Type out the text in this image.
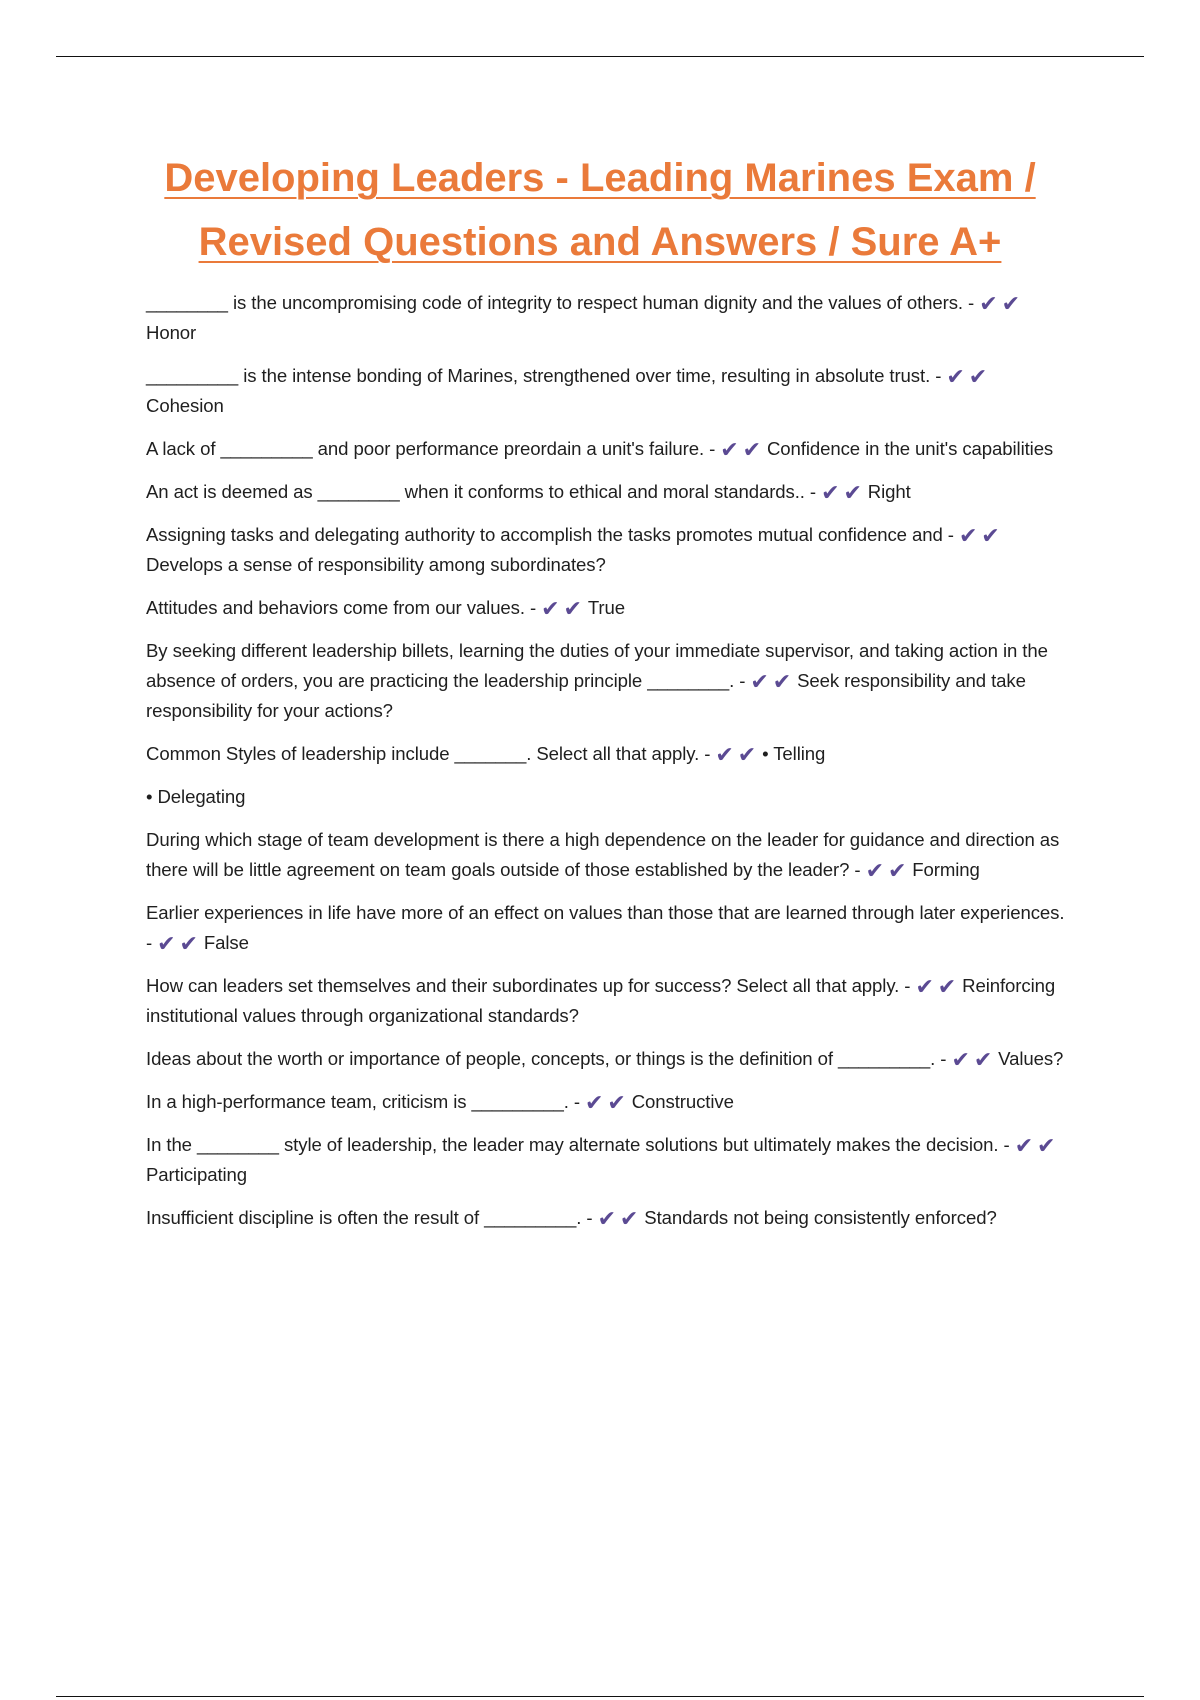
Developing Leaders - Leading Marines Exam / Revised Questions and Answers / Sure A+

________ is the uncompromising code of integrity to respect human dignity and the values of others. - ✔ ✔Honor

_________ is the intense bonding of Marines, strengthened over time, resulting in absolute trust. - ✔ ✔Cohesion

A lack of _________ and poor performance preordain a unit's failure. - ✔ ✔ Confidence in the unit's capabilities

An act is deemed as ________ when it conforms to ethical and moral standards.. - ✔ ✔ Right

Assigning tasks and delegating authority to accomplish the tasks promotes mutual confidence and - ✔ ✔Develops a sense of responsibility among subordinates?

Attitudes and behaviors come from our values. - ✔ ✔ True

By seeking different leadership billets, learning the duties of your immediate supervisor, and taking action in the absence of orders, you are practicing the leadership principle ________. - ✔ ✔ Seek responsibility and take responsibility for your actions?

Common Styles of leadership include _______. Select all that apply. - ✔ ✔ • Telling

• Delegating

During which stage of team development is there a high dependence on the leader for guidance and direction as there will be little agreement on team goals outside of those established by the leader? - ✔ ✔ Forming

Earlier experiences in life have more of an effect on values than those that are learned through later experiences. - ✔ ✔ False

How can leaders set themselves and their subordinates up for success? Select all that apply. - ✔ ✔ Reinforcing institutional values through organizational standards?

Ideas about the worth or importance of people, concepts, or things is the definition of _________. - ✔ ✔ Values?

In a high-performance team, criticism is _________. - ✔ ✔ Constructive

In the ________ style of leadership, the leader may alternate solutions but ultimately makes the decision. - ✔ ✔Participating

Insufficient discipline is often the result of _________. - ✔ ✔ Standards not being consistently enforced?
